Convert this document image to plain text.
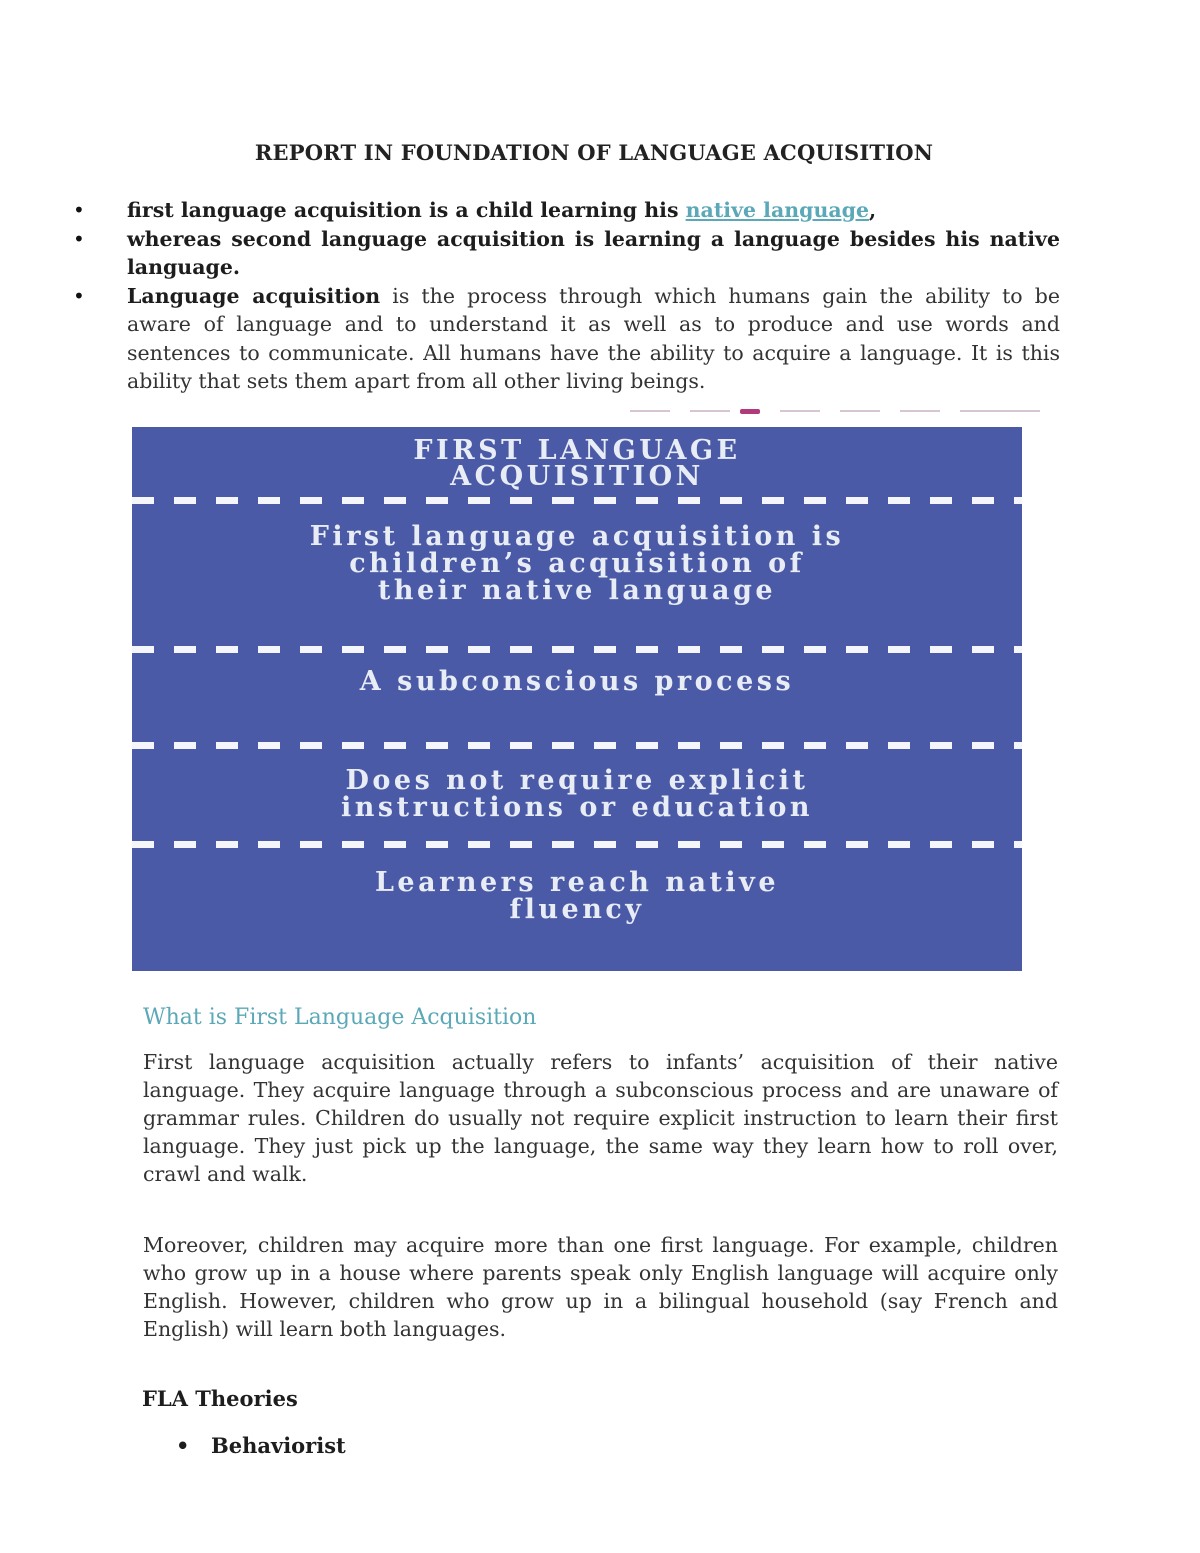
REPORT IN FOUNDATION OF LANGUAGE ACQUISITION
• first language acquisition is a child learning his native language,
• whereas second language acquisition is learning a language besides his native language.
• Language acquisition is the process through which humans gain the ability to be aware of language and to understand it as well as to produce and use words and sentences to communicate. All humans have the ability to acquire a language. It is this ability that sets them apart from all other living beings.
FIRST LANGUAGE
ACQUISITION
First language acquisition is
children’s acquisition of
their native language
A subconscious process
Does not require explicit
instructions or education
Learners reach native
fluency
What is First Language Acquisition
First language acquisition actually refers to infants’ acquisition of their native language. They acquire language through a subconscious process and are unaware of grammar rules. Children do usually not require explicit instruction to learn their first language. They just pick up the language, the same way they learn how to roll over, crawl and walk.
Moreover, children may acquire more than one first language. For example, children who grow up in a house where parents speak only English language will acquire only English. However, children who grow up in a bilingual household (say French and English) will learn both languages.
FLA Theories
• Behaviorist
